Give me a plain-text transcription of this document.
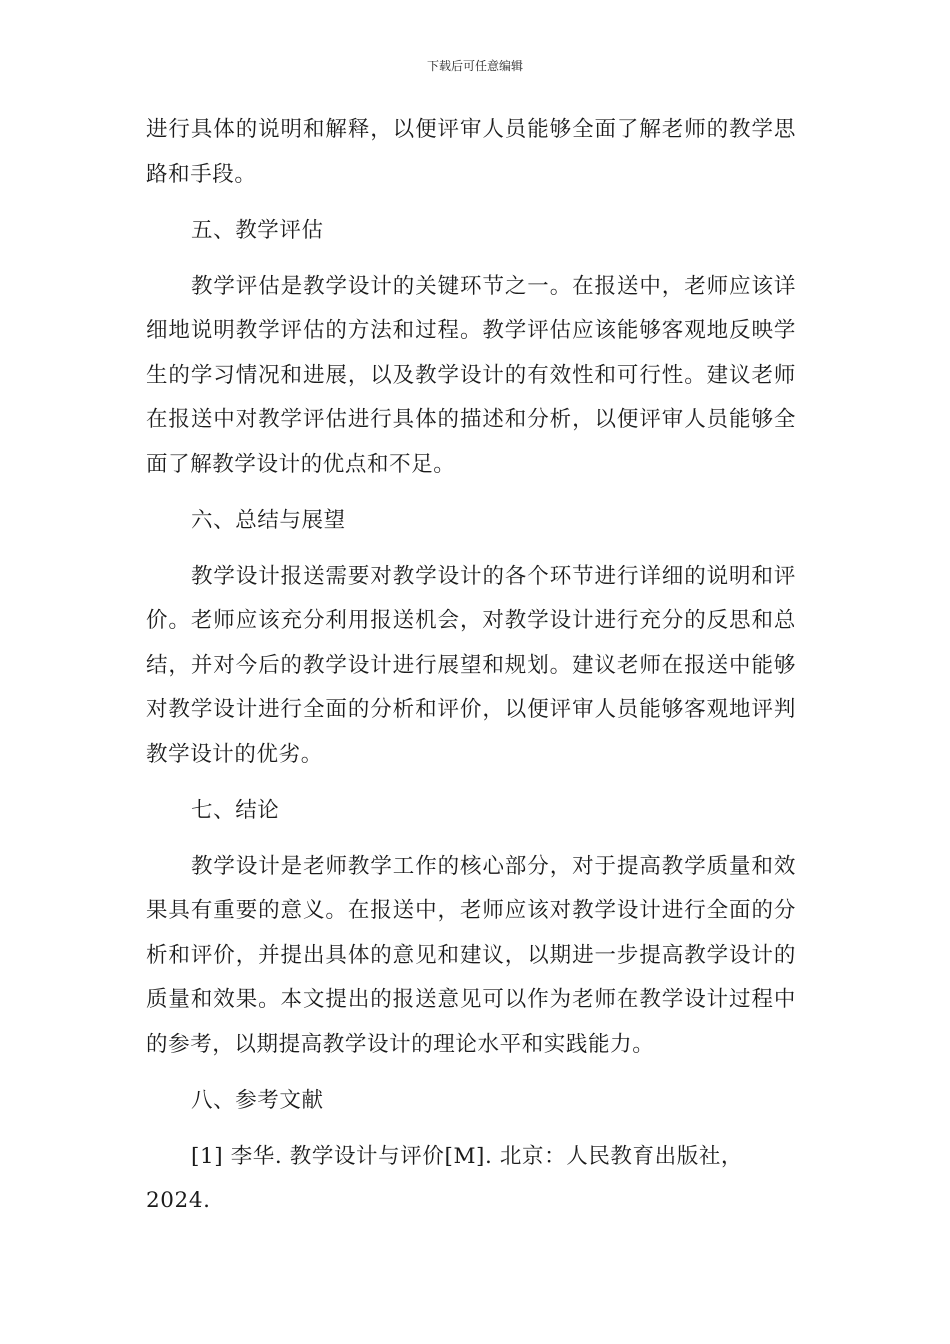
下载后可任意编辑

进行具体的说明和解释，以便评审人员能够全面了解老师的教学思路和手段。

五、教学评估

教学评估是教学设计的关键环节之一。在报送中，老师应该详细地说明教学评估的方法和过程。教学评估应该能够客观地反映学生的学习情况和进展，以及教学设计的有效性和可行性。建议老师在报送中对教学评估进行具体的描述和分析，以便评审人员能够全面了解教学设计的优点和不足。

六、总结与展望

教学设计报送需要对教学设计的各个环节进行详细的说明和评价。老师应该充分利用报送机会，对教学设计进行充分的反思和总结，并对今后的教学设计进行展望和规划。建议老师在报送中能够对教学设计进行全面的分析和评价，以便评审人员能够客观地评判教学设计的优劣。

七、结论

教学设计是老师教学工作的核心部分，对于提高教学质量和效果具有重要的意义。在报送中，老师应该对教学设计进行全面的分析和评价，并提出具体的意见和建议，以期进一步提高教学设计的质量和效果。本文提出的报送意见可以作为老师在教学设计过程中的参考，以期提高教学设计的理论水平和实践能力。

八、参考文献

[1] 李华. 教学设计与评价[M]. 北京：人民教育出版社，2024.
